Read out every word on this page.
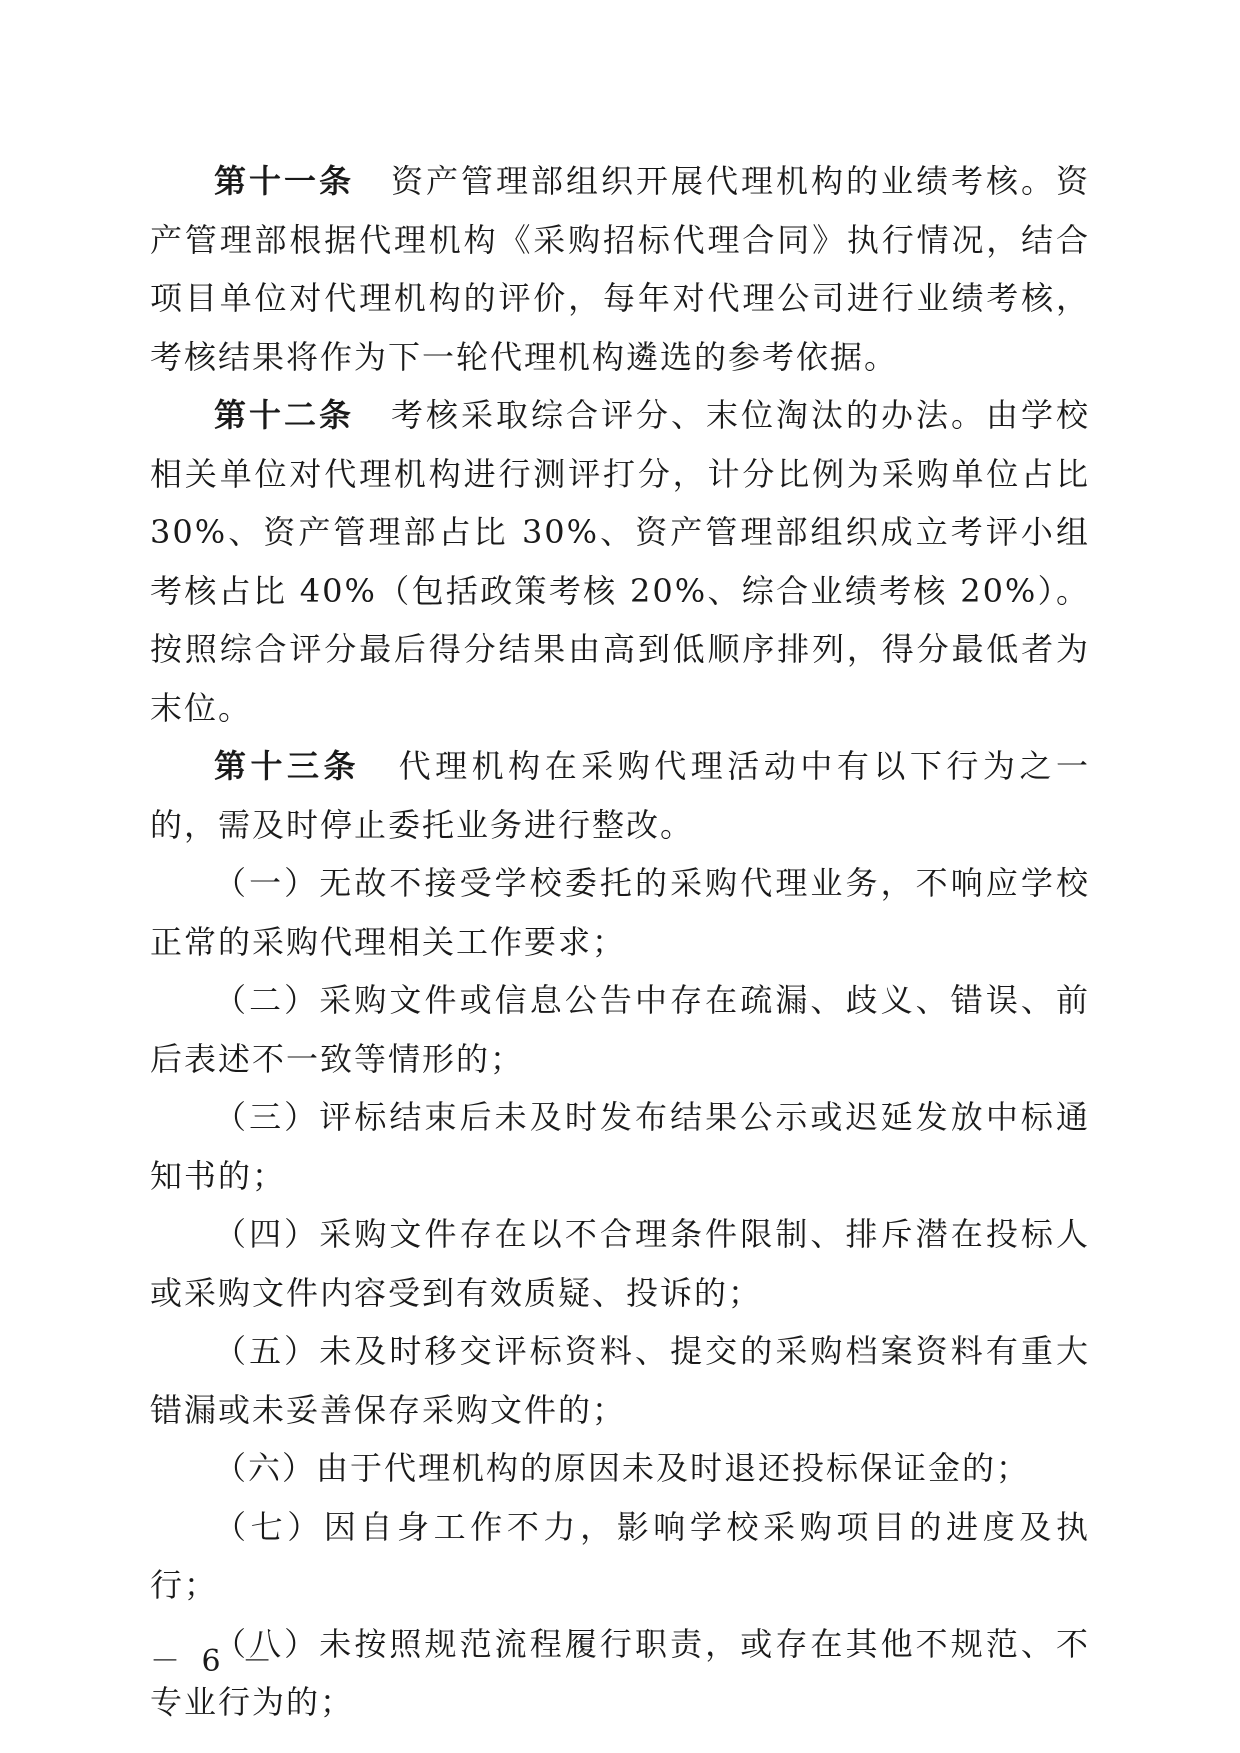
第十一条 资产管理部组织开展代理机构的业绩考核。资产管理部根据代理机构《采购招标代理合同》执行情况，结合项目单位对代理机构的评价，每年对代理公司进行业绩考核，考核结果将作为下一轮代理机构遴选的参考依据。

第十二条 考核采取综合评分、末位淘汰的办法。由学校相关单位对代理机构进行测评打分，计分比例为采购单位占比 30%、资产管理部占比 30%、资产管理部组织成立考评小组考核占比 40%（包括政策考核 20%、综合业绩考核 20%）。按照综合评分最后得分结果由高到低顺序排列，得分最低者为末位。

第十三条 代理机构在采购代理活动中有以下行为之一的，需及时停止委托业务进行整改。

（一）无故不接受学校委托的采购代理业务，不响应学校正常的采购代理相关工作要求；

（二）采购文件或信息公告中存在疏漏、歧义、错误、前后表述不一致等情形的；

（三）评标结束后未及时发布结果公示或迟延发放中标通知书的；

（四）采购文件存在以不合理条件限制、排斥潜在投标人或采购文件内容受到有效质疑、投诉的；

（五）未及时移交评标资料、提交的采购档案资料有重大错漏或未妥善保存采购文件的；

（六）由于代理机构的原因未及时退还投标保证金的；

（七）因自身工作不力，影响学校采购项目的进度及执行；

（八）未按照规范流程履行职责，或存在其他不规范、不专业行为的；

－ 6 －
